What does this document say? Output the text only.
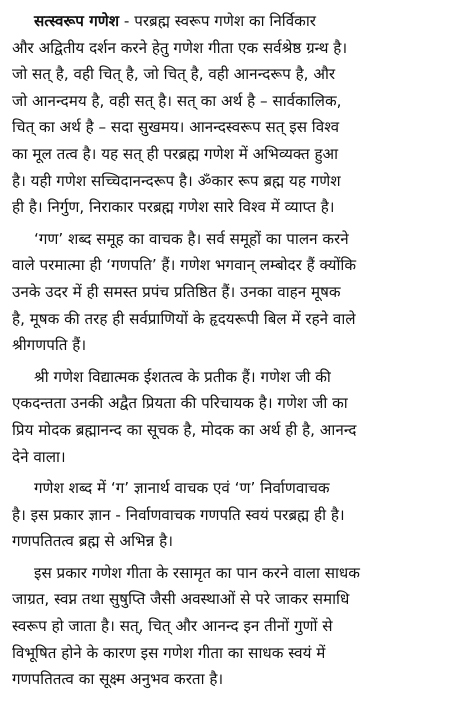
सत्स्वरूप गणेश - परब्रह्म स्वरूप गणेश का निर्विकार
और अद्वितीय दर्शन करने हेतु गणेश गीता एक सर्वश्रेष्ठ ग्रन्थ है।
जो सत् है, वही चित् है, जो चित् है, वही आनन्दरूप है, और
जो आनन्दमय है, वही सत् है। सत् का अर्थ है – सार्वकालिक,
चित् का अर्थ है – सदा सुखमय। आनन्दस्वरूप सत् इस विश्व
का मूल तत्व है। यह सत् ही परब्रह्म गणेश में अभिव्यक्त हुआ
है। यही गणेश सच्चिदानन्दरूप है। ॐकार रूप ब्रह्म यह गणेश
ही है। निर्गुण, निराकार परब्रह्म गणेश सारे विश्व में व्याप्त है।
‘गण’ शब्द समूह का वाचक है। सर्व समूहों का पालन करने
वाले परमात्मा ही ‘गणपति’ हैं। गणेश भगवान् लम्बोदर हैं क्योंकि
उनके उदर में ही समस्त प्रपंच प्रतिष्ठित हैं। उनका वाहन मूषक
है, मूषक की तरह ही सर्वप्राणियों के हृदयरूपी बिल में रहने वाले
श्रीगणपति हैं।
श्री गणेश विद्यात्मक ईशतत्व के प्रतीक हैं। गणेश जी की
एकदन्तता उनकी अद्वैत प्रियता की परिचायक है। गणेश जी का
प्रिय मोदक ब्रह्मानन्द का सूचक है, मोदक का अर्थ ही है, आनन्द
देने वाला।
गणेश शब्द में ‘ग’ ज्ञानार्थ वाचक एवं ‘ण’ निर्वाणवाचक
है। इस प्रकार ज्ञान - निर्वाणवाचक गणपति स्वयं परब्रह्म ही है।
गणपतितत्व ब्रह्म से अभिन्न है।
इस प्रकार गणेश गीता के रसामृत का पान करने वाला साधक
जाग्रत, स्वप्न तथा सुषुप्ति जैसी अवस्थाओं से परे जाकर समाधि
स्वरूप हो जाता है। सत्, चित् और आनन्द इन तीनों गुणों से
विभूषित होने के कारण इस गणेश गीता का साधक स्वयं में
गणपतितत्व का सूक्ष्म अनुभव करता है।
